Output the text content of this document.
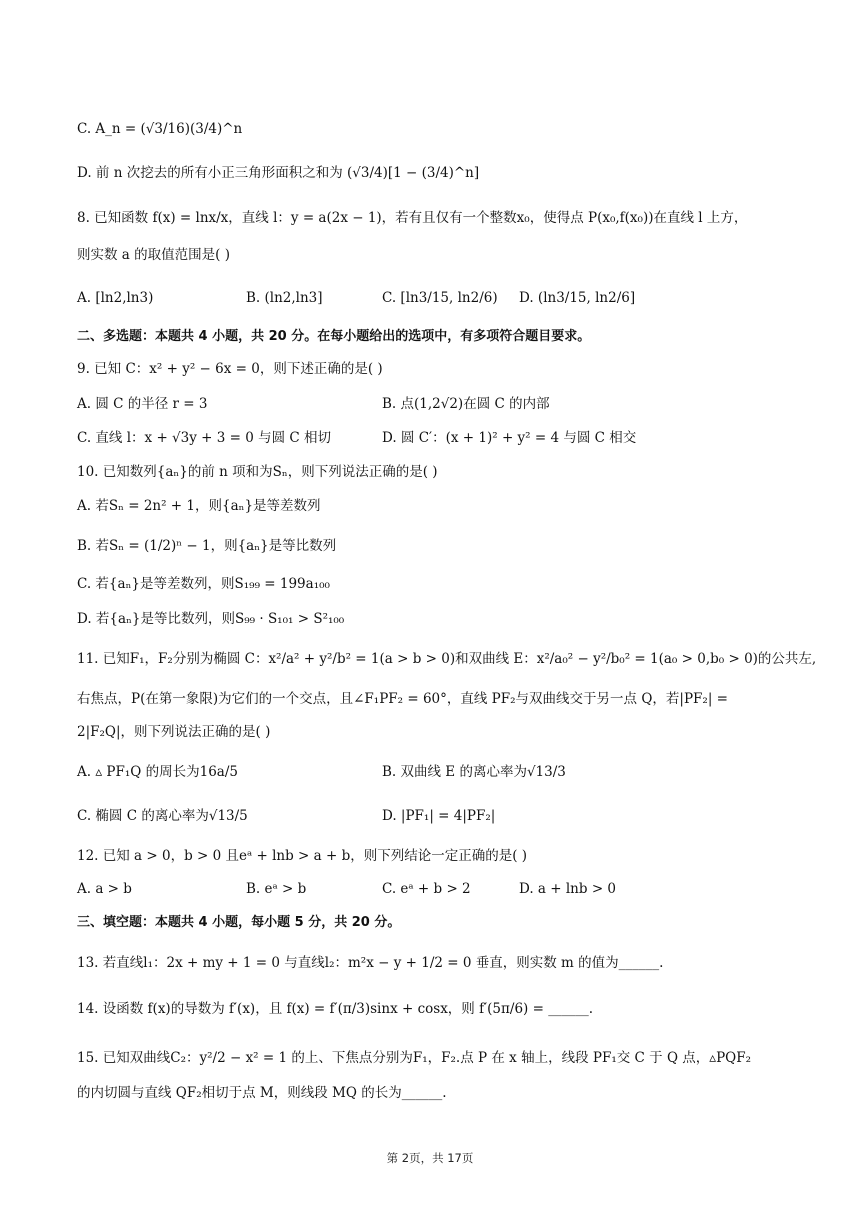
C. A_n = (√3/16)(3/4)^n
D. 前 n 次挖去的所有小正三角形面积之和为 (√3/4)[1 − (3/4)^n]
8. 已知函数 f(x) = lnx/x，直线 l：y = a(2x − 1)，若有且仅有一个整数x₀，使得点 P(x₀,f(x₀))在直线 l 上方，
则实数 a 的取值范围是( )
二、多选题：本题共 4 小题，共 20 分。在每小题给出的选项中，有多项符合题目要求。
9. 已知 C：x² + y² − 6x = 0，则下述正确的是( )
10. 已知数列{aₙ}的前 n 项和为Sₙ，则下列说法正确的是( )
A. 若Sₙ = 2n² + 1，则{aₙ}是等差数列
B. 若Sₙ = (1/2)ⁿ − 1，则{aₙ}是等比数列
C. 若{aₙ}是等差数列，则S₁₉₉ = 199a₁₀₀
D. 若{aₙ}是等比数列，则S₉₉ · S₁₀₁ > S²₁₀₀
11. 已知F₁，F₂分别为椭圆 C：x²/a² + y²/b² = 1(a > b > 0)和双曲线 E：x²/a₀² − y²/b₀² = 1(a₀ > 0,b₀ > 0)的公共左,
右焦点，P(在第一象限)为它们的一个交点，且∠F₁PF₂ = 60°，直线 PF₂与双曲线交于另一点 Q，若|PF₂| =
2|F₂Q|，则下列说法正确的是( )
12. 已知 a > 0，b > 0 且eᵃ + lnb > a + b，则下列结论一定正确的是( )
三、填空题：本题共 4 小题，每小题 5 分，共 20 分。
13. 若直线l₁：2x + my + 1 = 0 与直线l₂：m²x − y + 1/2 = 0 垂直，则实数 m 的值为______.
14. 设函数 f(x)的导数为 f′(x)，且 f(x) = f′(π/3)sinx + cosx，则 f′(5π/6) = ______.
15. 已知双曲线C₂：y²/2 − x² = 1 的上、下焦点分别为F₁，F₂.点 P 在 x 轴上，线段 PF₁交 C 于 Q 点，▵PQF₂
的内切圆与直线 QF₂相切于点 M，则线段 MQ 的长为______.
A. [ln2,ln3)	B. (ln2,ln3]	C. [ln3/15, ln2/6) D. (ln3/15, ln2/6]
A. 圆 C 的半径 r = 3	B. 点(1,2√2)在圆 C 的内部
C. 直线 l：x + √3y + 3 = 0 与圆 C 相切	D. 圆 C′：(x + 1)² + y² = 4 与圆 C 相交
A. ▵ PF₁Q 的周长为16a/5	B. 双曲线 E 的离心率为√13/3
C. 椭圆 C 的离心率为√13/5	D. |PF₁| = 4|PF₂|
A. a > b	B. eᵃ > b	C. eᵃ + b > 2	D. a + lnb > 0
第 2页，共 17页
